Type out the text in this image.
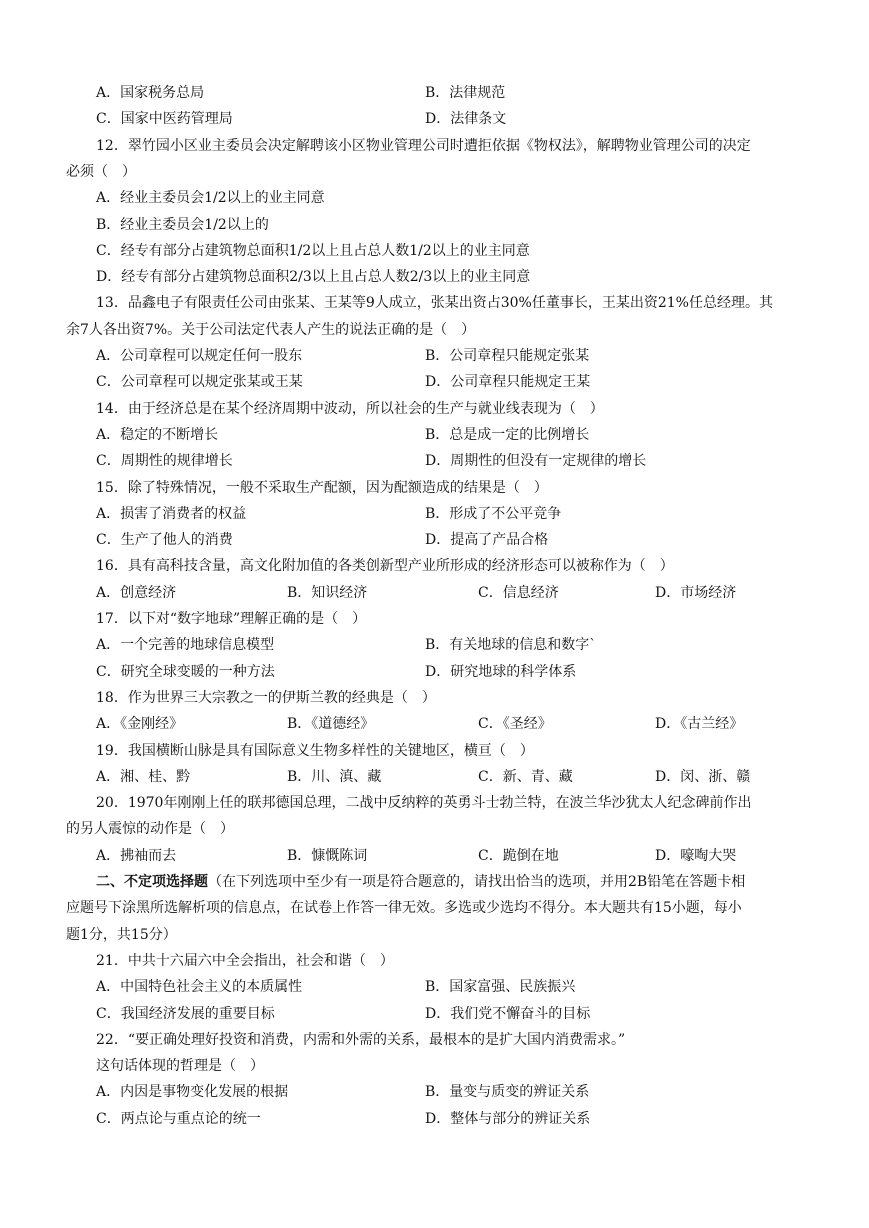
A．国家税务总局	B．法律规范
C．国家中医药管理局	D．法律条文
12．翠竹园小区业主委员会决定解聘该小区物业管理公司时遭拒依据《物权法》，解聘物业管理公司的决定
必须（　）
A．经业主委员会1/2以上的业主同意
B．经业主委员会1/2以上的
C．经专有部分占建筑物总面积1/2以上且占总人数1/2以上的业主同意
D．经专有部分占建筑物总面积2/3以上且占总人数2/3以上的业主同意
13．品鑫电子有限责任公司由张某、王某等9人成立，张某出资占30%任董事长，王某出资21%任总经理。其
余7人各出资7%。关于公司法定代表人产生的说法正确的是（　）
A．公司章程可以规定任何一股东	B．公司章程只能规定张某
C．公司章程可以规定张某或王某	D．公司章程只能规定王某
14．由于经济总是在某个经济周期中波动，所以社会的生产与就业线表现为（　）
A．稳定的不断增长	B．总是成一定的比例增长
C．周期性的规律增长	D．周期性的但没有一定规律的增长
15．除了特殊情况，一般不采取生产配额，因为配额造成的结果是（　）
A．损害了消费者的权益	B．形成了不公平竞争
C．生产了他人的消费	D．提高了产品合格
16．具有高科技含量，高文化附加值的各类创新型产业所形成的经济形态可以被称作为（　）
A．创意经济	B．知识经济	C．信息经济	D．市场经济
17．以下对“数字地球”理解正确的是（　）
A．一个完善的地球信息模型	B．有关地球的信息和数字`
C．研究全球变暖的一种方法	D．研究地球的科学体系
18．作为世界三大宗教之一的伊斯兰教的经典是（　）
A．《金刚经》	B．《道德经》	C．《圣经》	D．《古兰经》
19．我国横断山脉是具有国际意义生物多样性的关键地区，横亘（　）
A．湘、桂、黔	B．川、滇、藏	C．新、青、藏	D．闵、浙、赣
20．1970年刚刚上任的联邦德国总理，二战中反纳粹的英勇斗士勃兰特，在波兰华沙犹太人纪念碑前作出
的另人震惊的动作是（　）
A．拂袖而去	B．慷慨陈词	C．跪倒在地	D．嚎啕大哭
二、不定项选择题 （在下列选项中至少有一项是符合题意的，请找出恰当的选项，并用2B铅笔在答题卡相
应题号下涂黑所选解析项的信息点，在试卷上作答一律无效。多选或少选均不得分。本大题共有15小题，每小
题1分，共15分）
21．中共十六届六中全会指出，社会和谐（　）
A．中国特色社会主义的本质属性	B．国家富强、民族振兴
C．我国经济发展的重要目标	D．我们党不懈奋斗的目标
22．“要正确处理好投资和消费，内需和外需的关系，最根本的是扩大国内消费需求。”
这句话体现的哲理是（　）
A．内因是事物变化发展的根据	B．量变与质变的辨证关系
C．两点论与重点论的统一	D．整体与部分的辨证关系
